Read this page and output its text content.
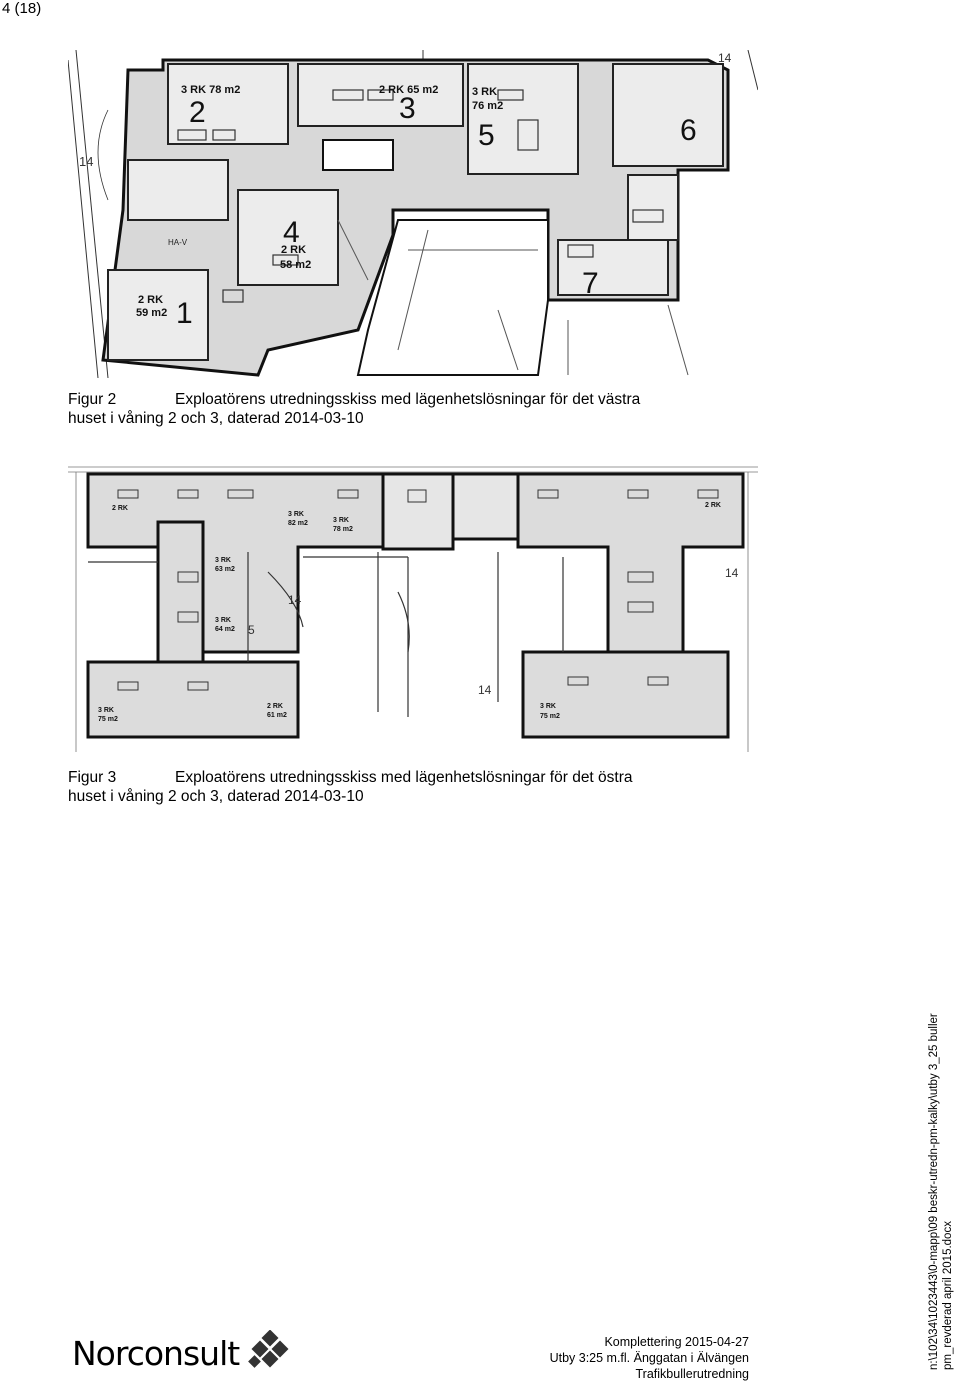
4 (18)
3 RK 78 m2
2
2 RK 65 m2
3	3 RK
76 m2
5	6
4
2 RK
58 m2
2 RK
59 m2 1
7
14
14
HA-V
Figur 2	Exploatörens utredningsskiss med lägenhetslösningar för det västra
huset i våning 2 och 3, daterad 2014-03-10
2 RK
3 RK
82 m2	3 RK
78 m2
3 RK
63 m2
3 RK
64 m2
3 RK
75 m2
2 RK
61 m2
2 RK
3 RK
75 m2
14
14
14
5
Figur 3	Exploatörens utredningsskiss med lägenhetslösningar för det östra
huset i våning 2 och 3, daterad 2014-03-10
Norconsult	Komplettering 2015-04-27
Utby 3:25 m.fl. Änggatan i Älvängen
Trafikbullerutredning
n:\102\34\1023443\0-mapp\09 beskr-utredn-pm-kalky\utby 3_25 buller pm_revderad april 2015.docx
